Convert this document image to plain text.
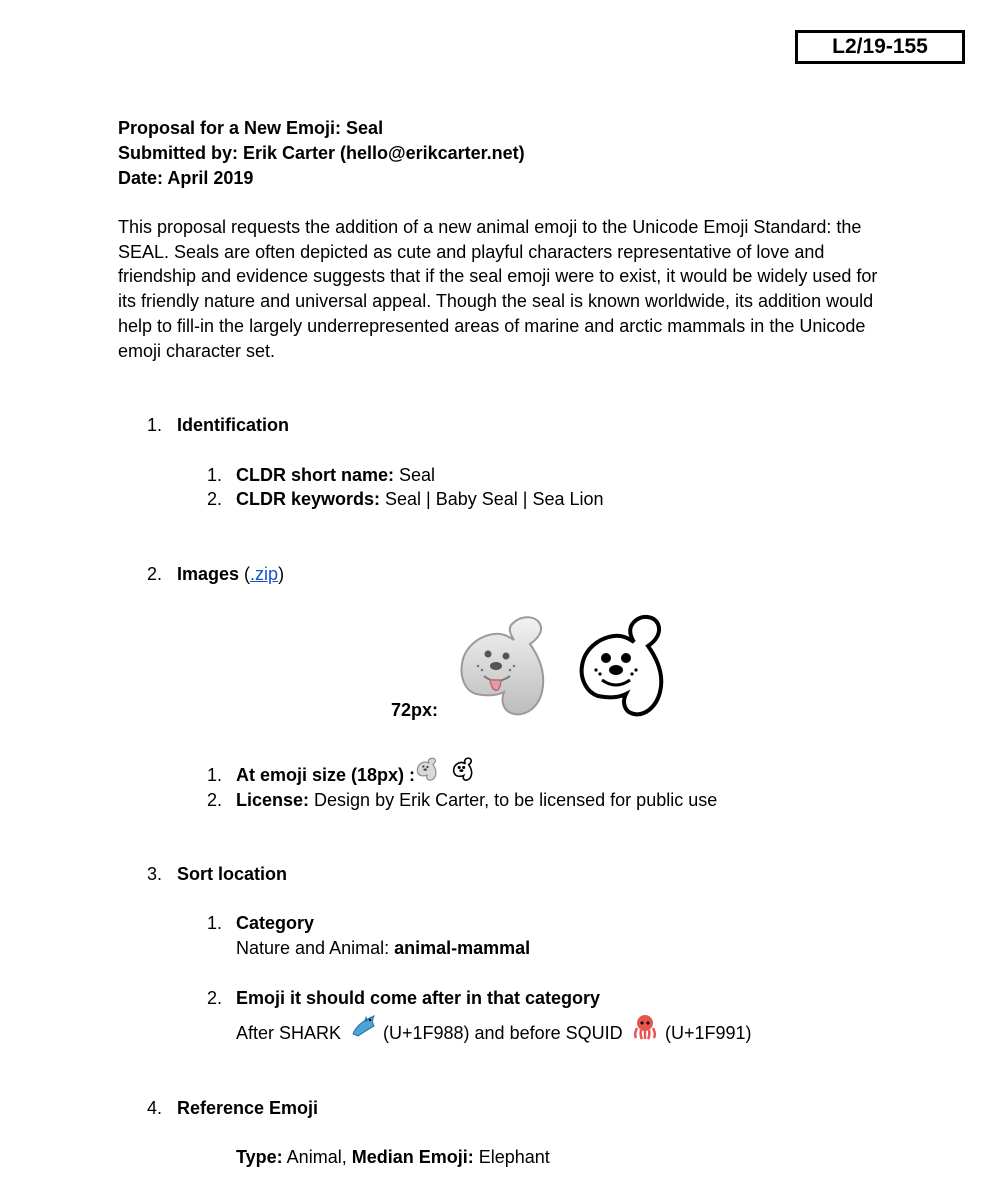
L2/19-155
Proposal for a New Emoji: Seal
Submitted by: Erik Carter (hello@erikcarter.net)
Date: April 2019
This proposal requests the addition of a new animal emoji to the Unicode Emoji Standard: the
SEAL. Seals are often depicted as cute and playful characters representative of love and
friendship and evidence suggests that if the seal emoji were to exist, it would be widely used for
its friendly nature and universal appeal. Though the seal is known worldwide, its addition would
help to fill-in the largely underrepresented areas of marine and arctic mammals in the Unicode
emoji character set.
1. Identification
1. CLDR short name: Seal
2. CLDR keywords: Seal | Baby Seal | Sea Lion
2. Images (.zip)
72px:
1. At emoji size (18px) :
2. License: Design by Erik Carter, to be licensed for public use
3. Sort location
1. Category
Nature and Animal: animal-mammal
2. Emoji it should come after in that category
After SHARK (U+1F988) and before SQUID (U+1F991)
4. Reference Emoji
Type: Animal, Median Emoji: Elephant
